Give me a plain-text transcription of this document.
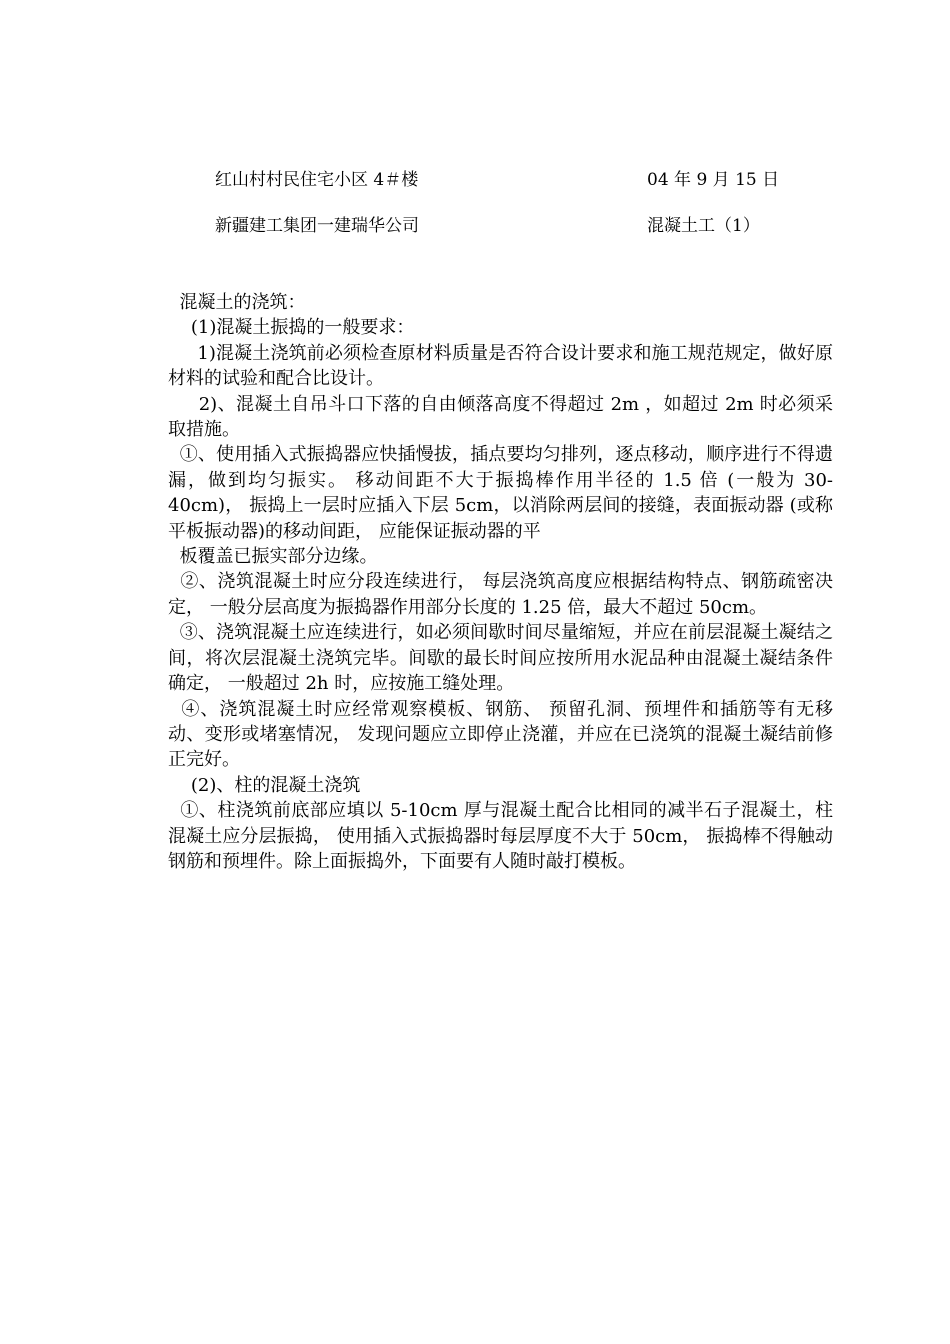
红山村村民住宅小区 4＃楼	04 年 9 月 15 日
新疆建工集团一建瑞华公司	混凝土工（1）

混凝土的浇筑：

(1)混凝土振捣的一般要求：

1)混凝土浇筑前必须检查原材料质量是否符合设计要求和施工规范规定，做好原材料的试验和配合比设计。

2)、混凝土自吊斗口下落的自由倾落高度不得超过 2m ，如超过 2m 时必须采取措施。

①、使用插入式振捣器应快插慢拔，插点要均匀排列，逐点移动，顺序进行不得遗漏，做到均匀振实。 移动间距不大于振捣棒作用半径的 1.5 倍 (一般为 30-40cm)， 振捣上一层时应插入下层 5cm，以消除两层间的接缝，表面振动器 (或称平板振动器)的移动间距， 应能保证振动器的平

板覆盖已振实部分边缘。

②、浇筑混凝土时应分段连续进行， 每层浇筑高度应根据结构特点、钢筋疏密决定， 一般分层高度为振捣器作用部分长度的 1.25 倍，最大不超过 50cm。

③、浇筑混凝土应连续进行，如必须间歇时间尽量缩短，并应在前层混凝土凝结之间，将次层混凝土浇筑完毕。间歇的最长时间应按所用水泥品种由混凝土凝结条件确定， 一般超过 2h 时，应按施工缝处理。

④、浇筑混凝土时应经常观察模板、钢筋、 预留孔洞、预埋件和插筋等有无移动、变形或堵塞情况， 发现问题应立即停止浇灌，并应在已浇筑的混凝土凝结前修正完好。

(2)、柱的混凝土浇筑

①、柱浇筑前底部应填以 5-10cm 厚与混凝土配合比相同的减半石子混凝土，柱混凝土应分层振捣， 使用插入式振捣器时每层厚度不大于 50cm， 振捣棒不得触动钢筋和预埋件。除上面振捣外，下面要有人随时敲打模板。
